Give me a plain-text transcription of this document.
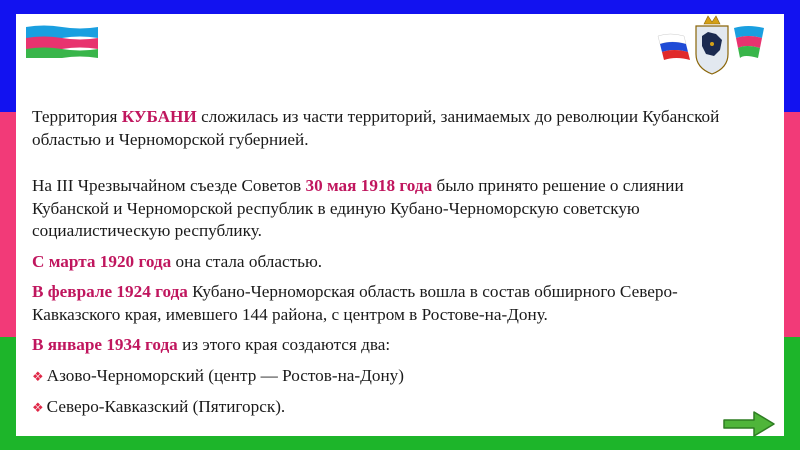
Территория КУБАНИ сложилась из части территорий, занимаемых до революции Кубанской областью и Черноморской губернией.

На III Чрезвычайном съезде Советов 30 мая 1918 года было принято решение о слиянии Кубанской и Черноморской республик в единую Кубано-Черноморскую советскую социалистическую республику.

С марта 1920 года она стала областью.

В феврале 1924 года Кубано-Черноморская область вошла в состав обширного Северо-Кавказского края, имевшего 144 района, с центром в Ростове-на-Дону.

В январе 1934 года из этого края создаются два:

❖ Азово-Черноморский (центр — Ростов-на-Дону)

❖ Северо-Кавказский (Пятигорск).
